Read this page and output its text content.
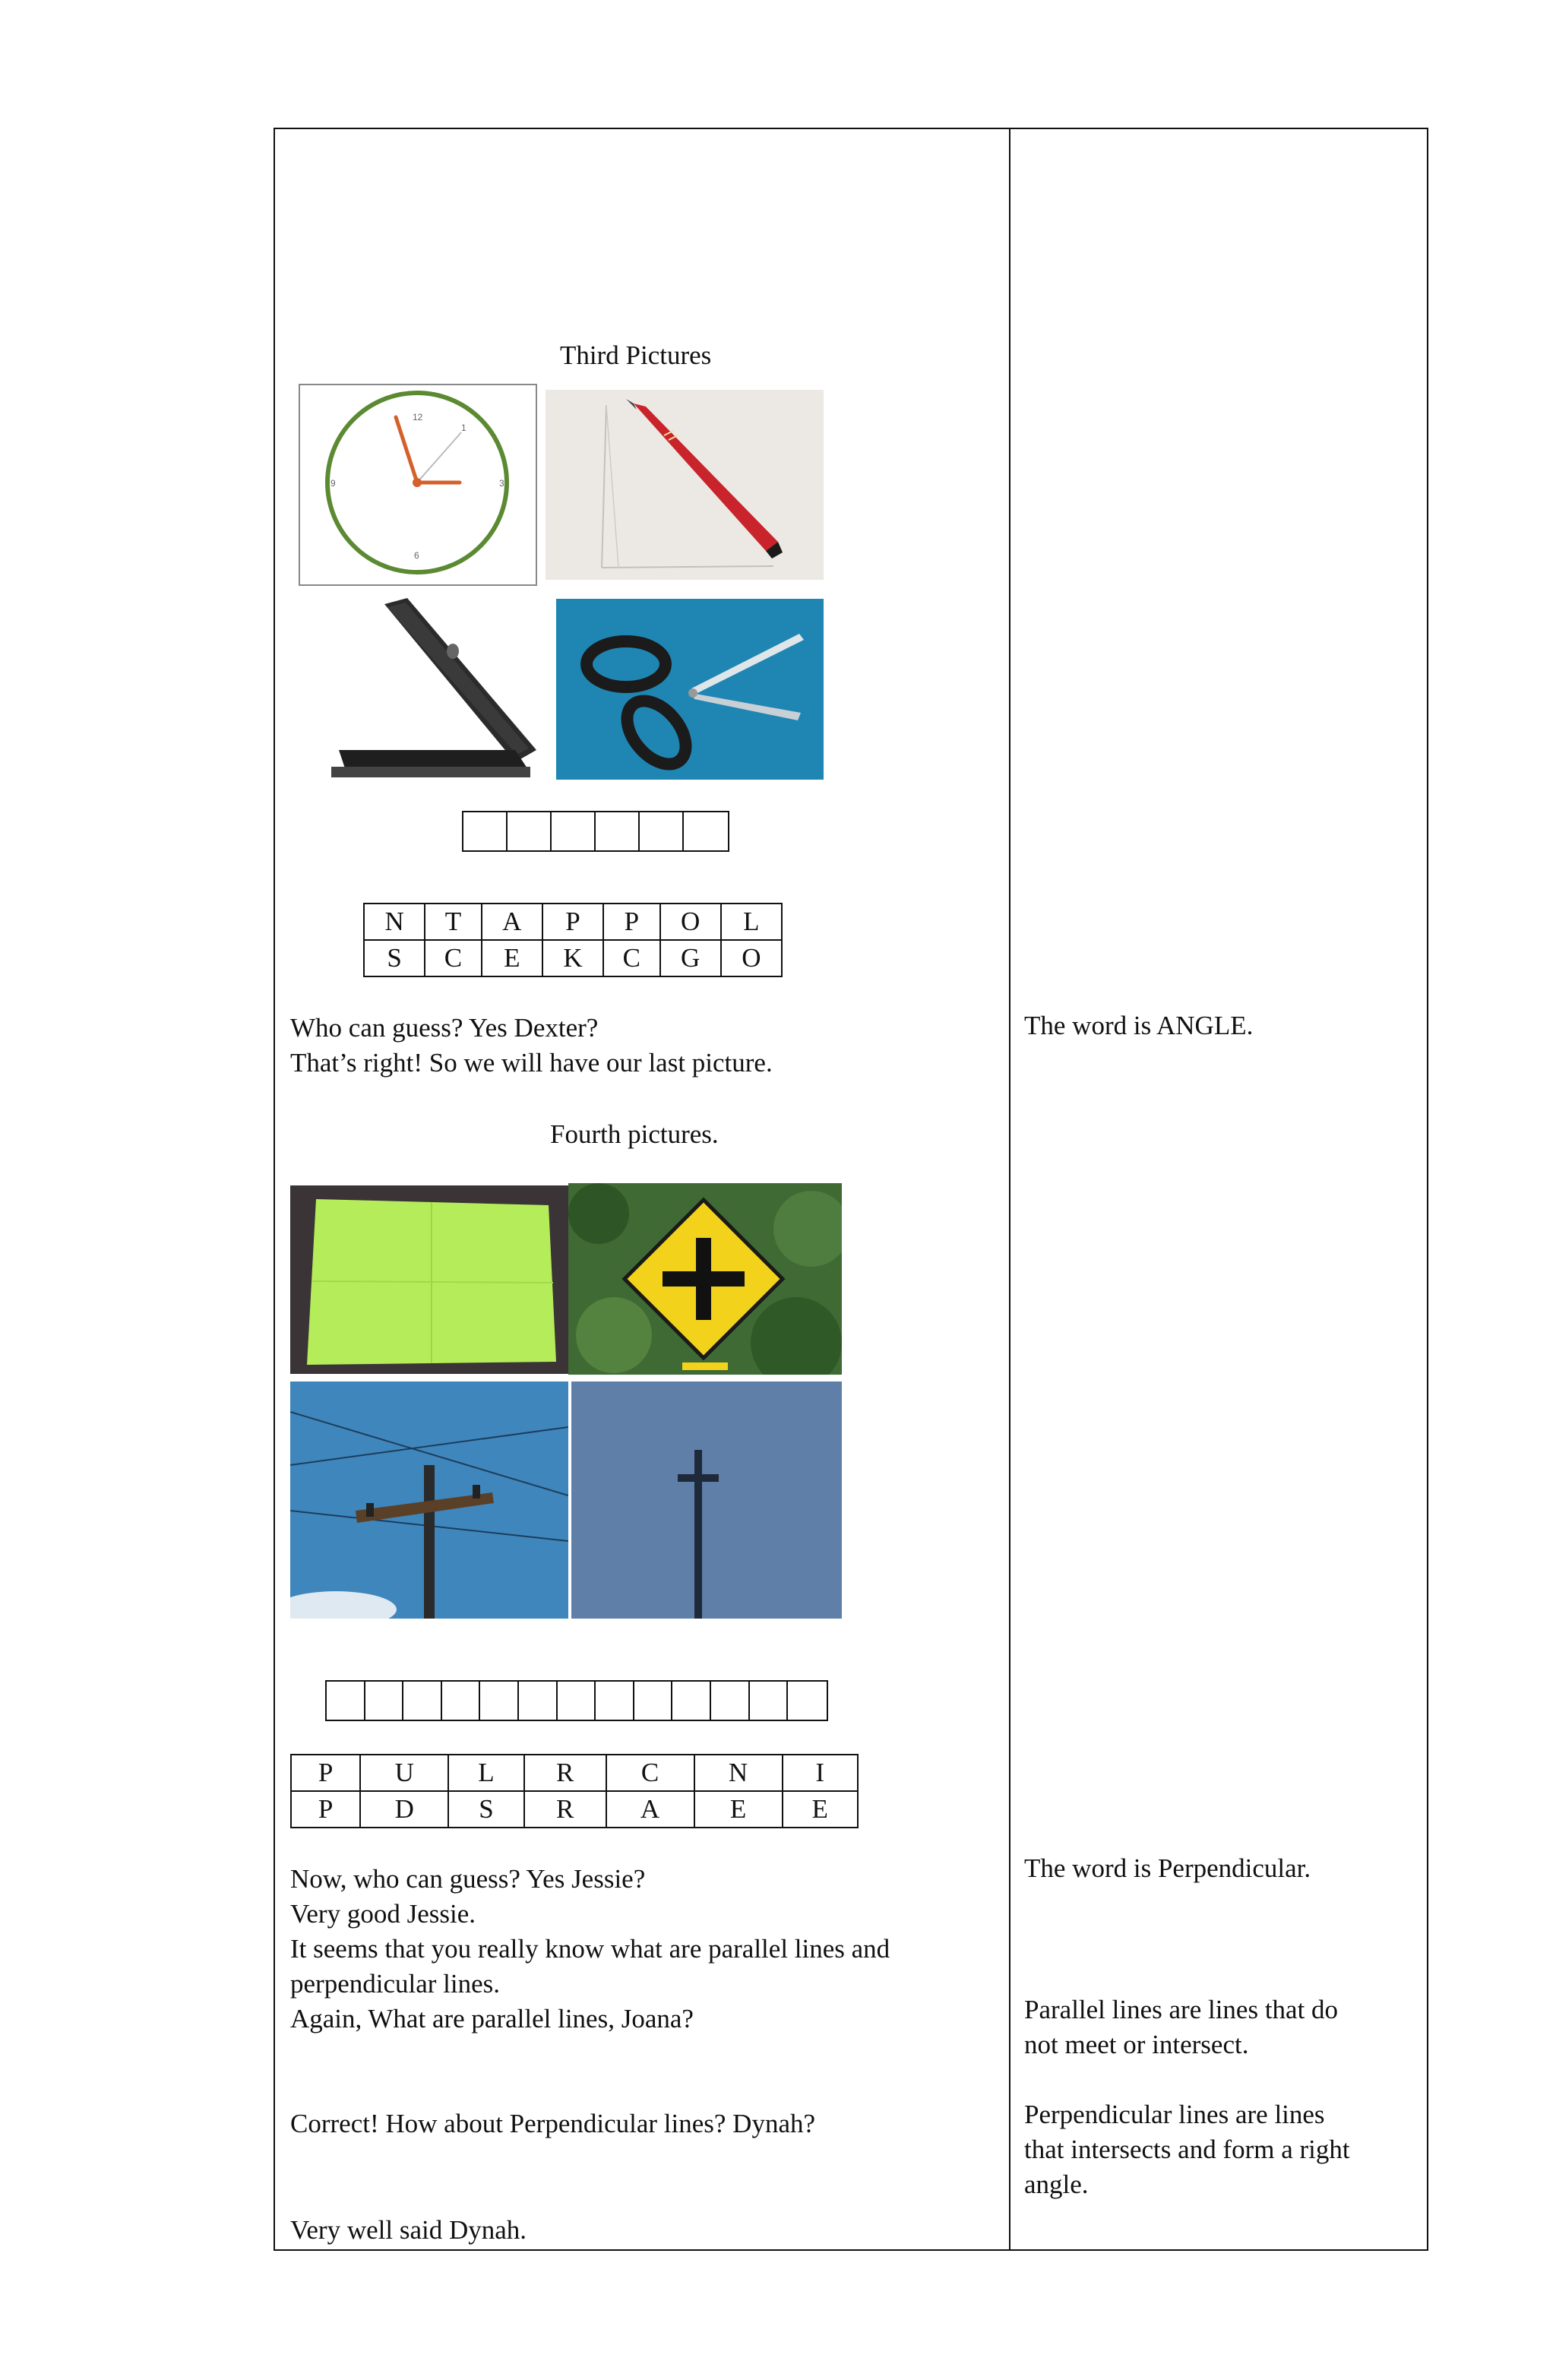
Third Pictures
12
3
6
9
1
N	T	A	P	P	O	L
S	C	E	K	C	G	O
Who can guess? Yes Dexter?
That’s right! So we will have our last picture.
The word is ANGLE.
Fourth pictures.
P	U	L	R	C	N	I
P	D	S	R	A	E	E
Now, who can guess? Yes Jessie?
Very good Jessie.
It seems that you really know what are parallel lines and
perpendicular lines.
Again, What are parallel lines, Joana?
Correct! How about Perpendicular lines? Dynah?
Very well said Dynah.
The word is Perpendicular.
Parallel lines are lines that do
not meet or intersect.
Perpendicular lines are lines
that intersects and form a right
angle.
